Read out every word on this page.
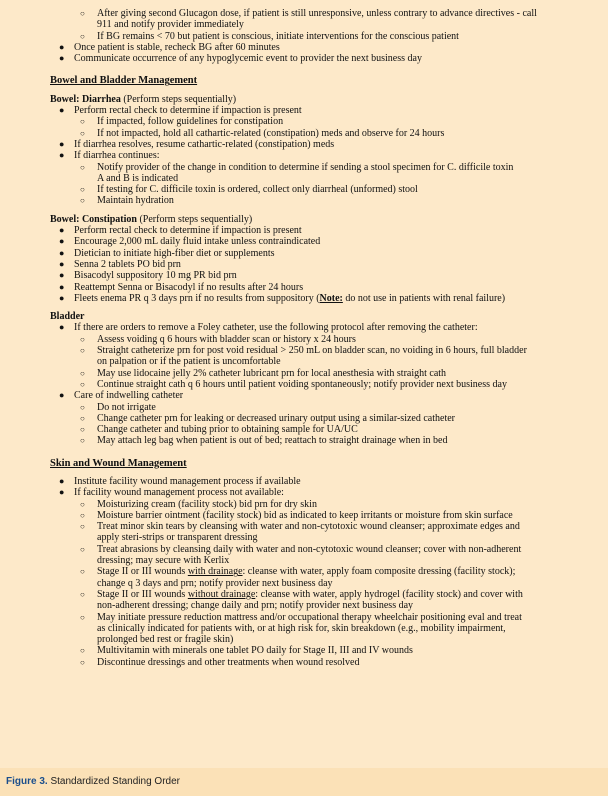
○ After giving second Glucagon dose, if patient is still unresponsive, unless contrary to advance directives - call
911 and notify provider immediately
○ If BG remains < 70 but patient is conscious, initiate interventions for the conscious patient
● Once patient is stable, recheck BG after 60 minutes
● Communicate occurrence of any hypoglycemic event to provider the next business day
Bowel and Bladder Management
Bowel: Diarrhea (Perform steps sequentially)
● Perform rectal check to determine if impaction is present
○ If impacted, follow guidelines for constipation
○ If not impacted, hold all cathartic-related (constipation) meds and observe for 24 hours
● If diarrhea resolves, resume cathartic-related (constipation) meds
● If diarrhea continues:
○ Notify provider of the change in condition to determine if sending a stool specimen for C. difficile toxin
A and B is indicated
○ If testing for C. difficile toxin is ordered, collect only diarrheal (unformed) stool
○ Maintain hydration
Bowel: Constipation (Perform steps sequentially)
● Perform rectal check to determine if impaction is present
● Encourage 2,000 mL daily fluid intake unless contraindicated
● Dietician to initiate high-fiber diet or supplements
● Senna 2 tablets PO bid prn
● Bisacodyl suppository 10 mg PR bid prn
● Reattempt Senna or Bisacodyl if no results after 24 hours
● Fleets enema PR q 3 days prn if no results from suppository (Note: do not use in patients with renal failure)
Bladder
● If there are orders to remove a Foley catheter, use the following protocol after removing the catheter:
○ Assess voiding q 6 hours with bladder scan or history x 24 hours
○ Straight catheterize prn for post void residual > 250 mL on bladder scan, no voiding in 6 hours, full bladder
on palpation or if the patient is uncomfortable
○ May use lidocaine jelly 2% catheter lubricant prn for local anesthesia with straight cath
○ Continue straight cath q 6 hours until patient voiding spontaneously; notify provider next business day
● Care of indwelling catheter
○ Do not irrigate
○ Change catheter prn for leaking or decreased urinary output using a similar-sized catheter
○ Change catheter and tubing prior to obtaining sample for UA/UC
○ May attach leg bag when patient is out of bed; reattach to straight drainage when in bed
Skin and Wound Management
● Institute facility wound management process if available
● If facility wound management process not available:
○ Moisturizing cream (facility stock) bid prn for dry skin
○ Moisture barrier ointment (facility stock) bid as indicated to keep irritants or moisture from skin surface
○ Treat minor skin tears by cleansing with water and non-cytotoxic wound cleanser; approximate edges and
apply steri-strips or transparent dressing
○ Treat abrasions by cleansing daily with water and non-cytotoxic wound cleanser; cover with non-adherent
dressing; may secure with Kerlix
○ Stage II or III wounds with drainage: cleanse with water, apply foam composite dressing (facility stock);
change q 3 days and prn; notify provider next business day
○ Stage II or III wounds without drainage: cleanse with water, apply hydrogel (facility stock) and cover with
non-adherent dressing; change daily and prn; notify provider next business day
○ May initiate pressure reduction mattress and/or occupational therapy wheelchair positioning eval and treat
as clinically indicated for patients with, or at high risk for, skin breakdown (e.g., mobility impairment,
prolonged bed rest or fragile skin)
○ Multivitamin with minerals one tablet PO daily for Stage II, III and IV wounds
○ Discontinue dressings and other treatments when wound resolved
Figure 3. Standardized Standing Order
